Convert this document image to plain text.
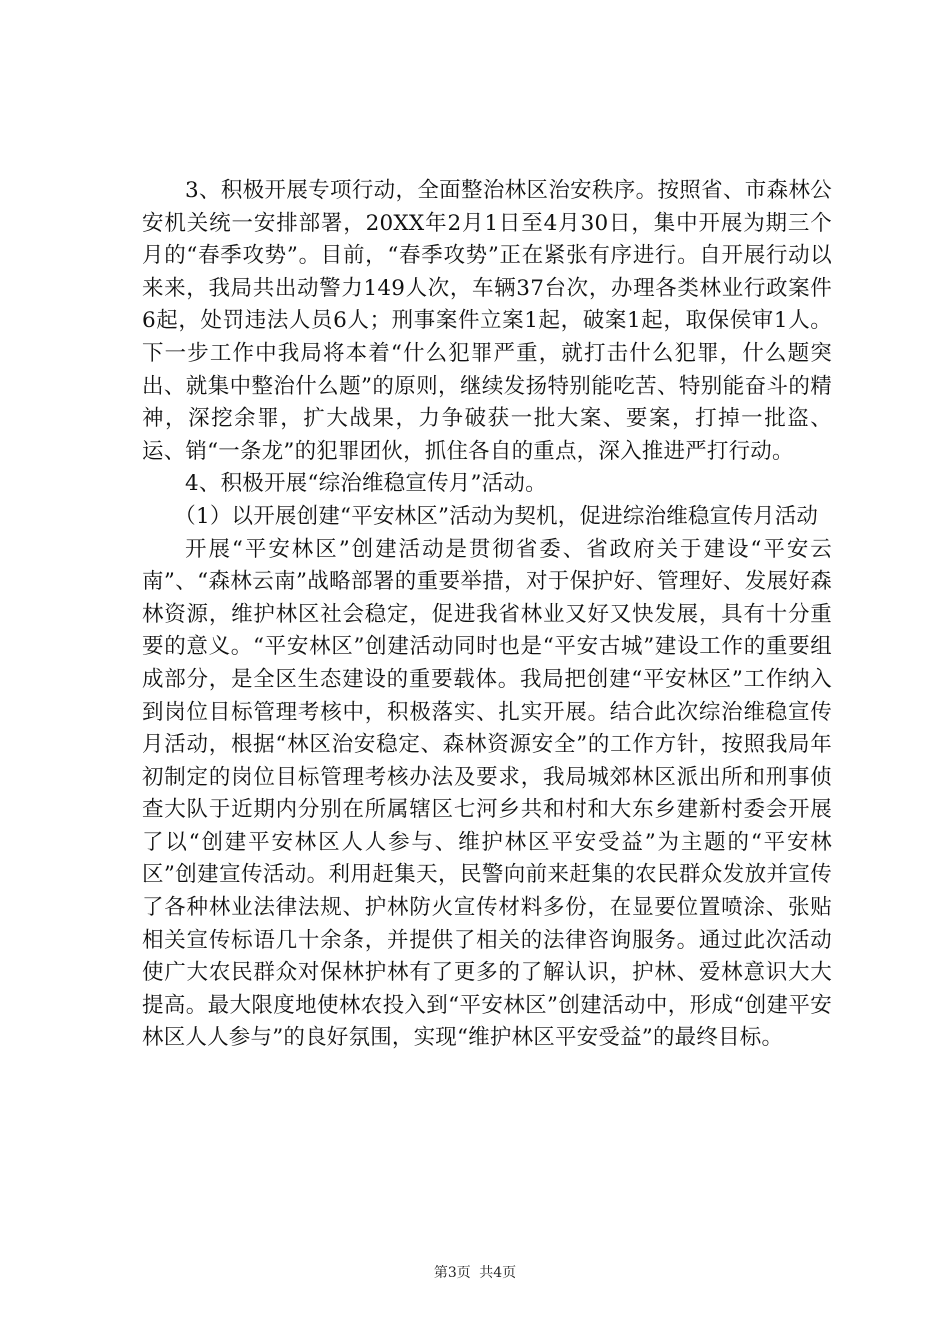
3、积极开展专项行动，全面整治林区治安秩序。按照省、市森林公安机关统一安排部署，20XX年2月1日至4月30日，集中开展为期三个月的“春季攻势”。目前，“春季攻势”正在紧张有序进行。自开展行动以来来，我局共出动警力149人次，车辆37台次，办理各类林业行政案件6起，处罚违法人员6人；刑事案件立案1起，破案1起，取保侯审1人。下一步工作中我局将本着“什么犯罪严重，就打击什么犯罪，什么题突出、就集中整治什么题”的原则，继续发扬特别能吃苦、特别能奋斗的精神，深挖余罪，扩大战果，力争破获一批大案、要案，打掉一批盗、运、销“一条龙”的犯罪团伙，抓住各自的重点，深入推进严打行动。

4、积极开展“综治维稳宣传月”活动。

（1）以开展创建“平安林区”活动为契机，促进综治维稳宣传月活动

开展“平安林区”创建活动是贯彻省委、省政府关于建设“平安云南”、“森林云南”战略部署的重要举措，对于保护好、管理好、发展好森林资源，维护林区社会稳定，促进我省林业又好又快发展，具有十分重要的意义。“平安林区”创建活动同时也是“平安古城”建设工作的重要组成部分，是全区生态建设的重要载体。我局把创建“平安林区”工作纳入到岗位目标管理考核中，积极落实、扎实开展。结合此次综治维稳宣传月活动，根据“林区治安稳定、森林资源安全”的工作方针，按照我局年初制定的岗位目标管理考核办法及要求，我局城郊林区派出所和刑事侦查大队于近期内分别在所属辖区七河乡共和村和大东乡建新村委会开展了以“创建平安林区人人参与、维护林区平安受益”为主题的“平安林区”创建宣传活动。利用赶集天，民警向前来赶集的农民群众发放并宣传了各种林业法律法规、护林防火宣传材料多份，在显要位置喷涂、张贴相关宣传标语几十余条，并提供了相关的法律咨询服务。通过此次活动使广大农民群众对保林护林有了更多的了解认识，护林、爱林意识大大提高。最大限度地使林农投入到“平安林区”创建活动中，形成“创建平安林区人人参与”的良好氛围，实现“维护林区平安受益”的最终目标。

第3页 共4页
